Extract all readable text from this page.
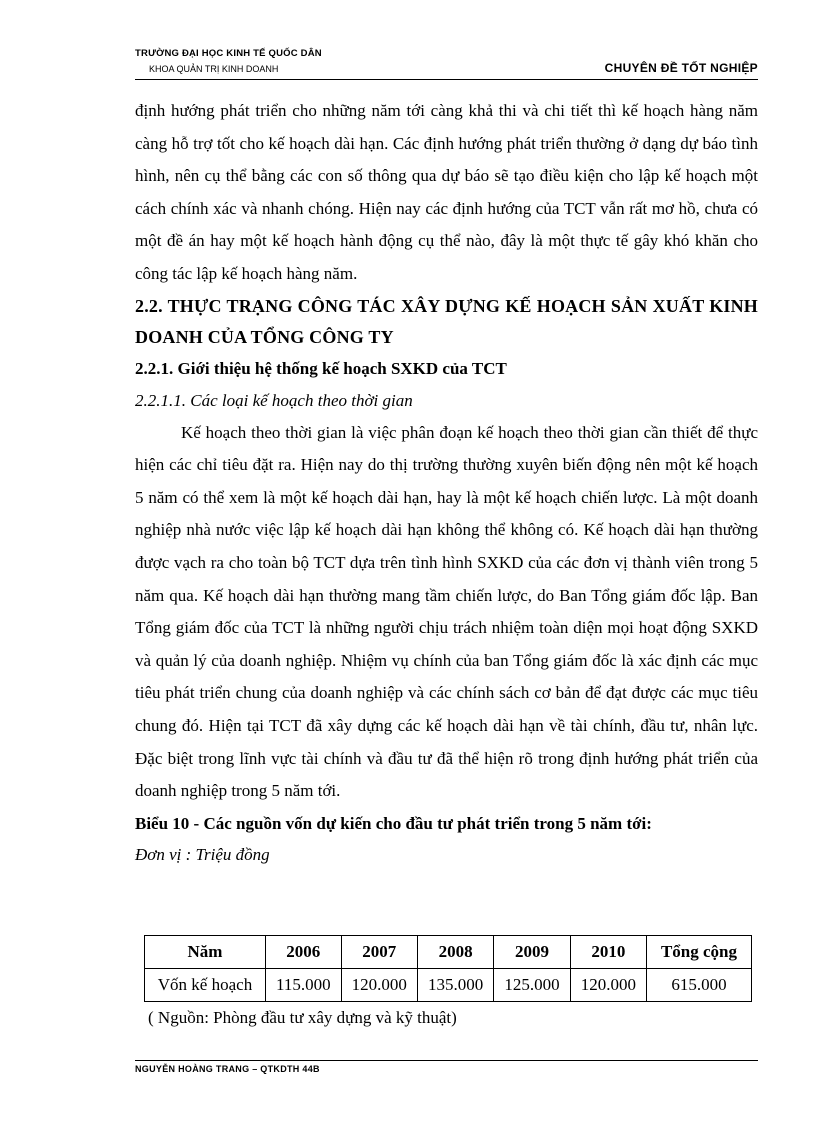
TRƯỜNG ĐẠI HỌC KINH TẾ QUỐC DÂN
KHOA QUẢN TRỊ KINH DOANH	CHUYÊN ĐỀ TỐT NGHIỆP

định hướng phát triển cho những năm tới càng khả thi và chi tiết thì kế hoạch hàng năm càng hỗ trợ tốt cho kế hoạch dài hạn. Các định hướng phát triển thường ở dạng dự báo tình hình, nên cụ thể bằng các con số thông qua dự báo sẽ tạo điều kiện cho lập kế hoạch một cách chính xác và nhanh chóng. Hiện nay các định hướng của TCT vẫn rất mơ hồ, chưa có một đề án hay một kế hoạch hành động cụ thể nào, đây là một thực tế gây khó khăn cho công tác lập kế hoạch hàng năm.

2.2. THỰC TRẠNG CÔNG TÁC XÂY DỰNG KẾ HOẠCH SẢN XUẤT KINH DOANH CỦA TỔNG CÔNG TY

2.2.1. Giới thiệu hệ thống kế hoạch SXKD của TCT

2.2.1.1. Các loại kế hoạch theo thời gian

Kế hoạch theo thời gian là việc phân đoạn kế hoạch theo thời gian cần thiết để thực hiện các chỉ tiêu đặt ra. Hiện nay do thị trường thường xuyên biến động nên một kế hoạch 5 năm có thể xem là một kế hoạch dài hạn, hay là một kế hoạch chiến lược. Là một doanh nghiệp nhà nước việc lập kế hoạch dài hạn không thể không có. Kế hoạch dài hạn thường được vạch ra cho toàn bộ TCT dựa trên tình hình SXKD của các đơn vị thành viên trong 5 năm qua. Kế hoạch dài hạn thường mang tầm chiến lược, do Ban Tổng giám đốc lập. Ban Tổng giám đốc của TCT là những người chịu trách nhiệm toàn diện mọi hoạt động SXKD và quản lý của doanh nghiệp. Nhiệm vụ chính của ban Tổng giám đốc là xác định các mục tiêu phát triển chung của doanh nghiệp và các chính sách cơ bản để đạt được các mục tiêu chung đó. Hiện tại TCT đã xây dựng các kế hoạch dài hạn về tài chính, đầu tư, nhân lực. Đặc biệt trong lĩnh vực tài chính và đầu tư đã thể hiện rõ trong định hướng phát triển của doanh nghiệp trong 5 năm tới.

Biểu 10 - Các nguồn vốn dự kiến cho đầu tư phát triển trong 5 năm tới:

Đơn vị : Triệu đồng

Năm	2006	2007	2008	2009	2010	Tổng cộng
Vốn kế hoạch	115.000	120.000	135.000	125.000	120.000	615.000
( Nguồn: Phòng đầu tư xây dựng và kỹ thuật)
NGUYỄN HOÀNG TRANG – QTKDTH 44B
